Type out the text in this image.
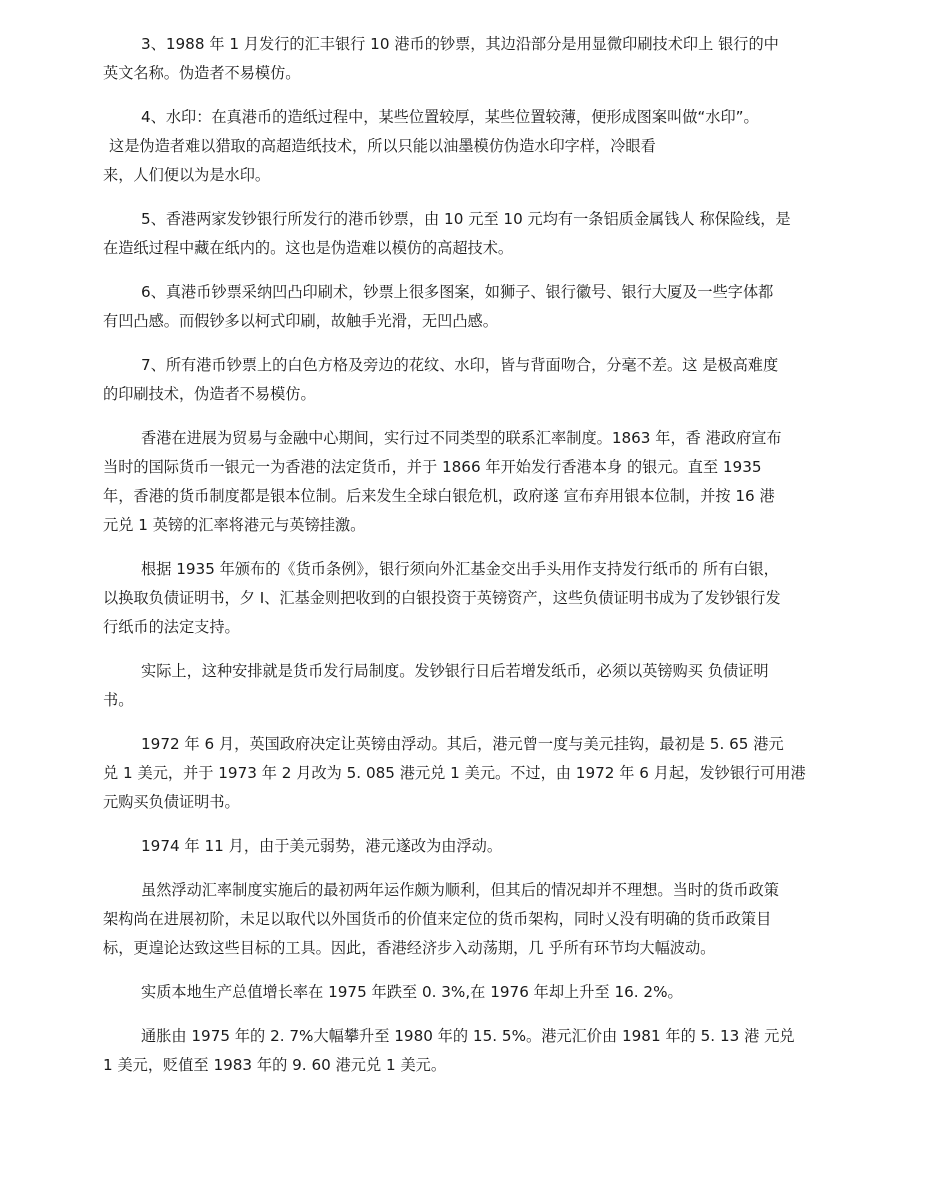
3、1988 年 1 月发行的汇丰银行 10 港币的钞票，其边沿部分是用显微印刷技术印上 银行的中
英文名称。伪造者不易模仿。

4、水印：在真港币的造纸过程中，某些位置较厚，某些位置较薄，便形成图案叫做“水印”。
这是伪造者难以猎取的高超造纸技术，所以只能以油墨模仿伪造水印字样，冷眼看
来，人们便以为是水印。

5、香港两家发钞银行所发行的港币钞票，由 10 元至 10 元均有一条铝质金属钱人 称保险线，是
在造纸过程中藏在纸内的。这也是伪造难以模仿的高超技术。

6、真港币钞票采纳凹凸印刷术，钞票上很多图案，如狮子、银行徽号、银行大厦及一些字体都
有凹凸感。而假钞多以柯式印刷，故触手光滑，无凹凸感。

7、所有港币钞票上的白色方格及旁边的花纹、水印，皆与背面吻合，分毫不差。这 是极高难度
的印刷技术，伪造者不易模仿。

香港在进展为贸易与金融中心期间，实行过不同类型的联系汇率制度。1863 年，香 港政府宣布
当时的国际货币一银元一为香港的法定货币，并于 1866 年开始发行香港本身 的银元。直至 1935
年，香港的货币制度都是银本位制。后来发生全球白银危机，政府遂 宣布弃用银本位制，并按 16 港
元兑 1 英镑的汇率将港元与英镑挂激。

根据 1935 年颁布的《货币条例》，银行须向外汇基金交出手头用作支持发行纸币的 所有白银，
以换取负债证明书，夕 I、汇基金则把收到的白银投资于英镑资产，这些负债证明书成为了发钞银行发
行纸币的法定支持。

实际上，这种安排就是货币发行局制度。发钞银行日后若增发纸币，必须以英镑购买 负债证明
书。

1972 年 6 月，英国政府决定让英镑由浮动。其后，港元曾一度与美元挂钩，最初是 5. 65 港元
兑 1 美元，并于 1973 年 2 月改为 5. 085 港元兑 1 美元。不过，由 1972 年 6 月起，发钞银行可用港
元购买负债证明书。

1974 年 11 月，由于美元弱势，港元遂改为由浮动。

虽然浮动汇率制度实施后的最初两年运作颇为顺利，但其后的情况却并不理想。当时的货币政策
架构尚在进展初阶，未足以取代以外国货币的价值来定位的货币架构，同时乂没有明确的货币政策目
标，更遑论达致这些目标的工具。因此，香港经济步入动荡期，几 乎所有环节均大幅波动。

实质本地生产总值增长率在 1975 年跌至 0. 3%,在 1976 年却上升至 16. 2%。

通胀由 1975 年的 2. 7%大幅攀升至 1980 年的 15. 5%。港元汇价由 1981 年的 5. 13 港 元兑
1 美元，贬值至 1983 年的 9. 60 港元兑 1 美元。
